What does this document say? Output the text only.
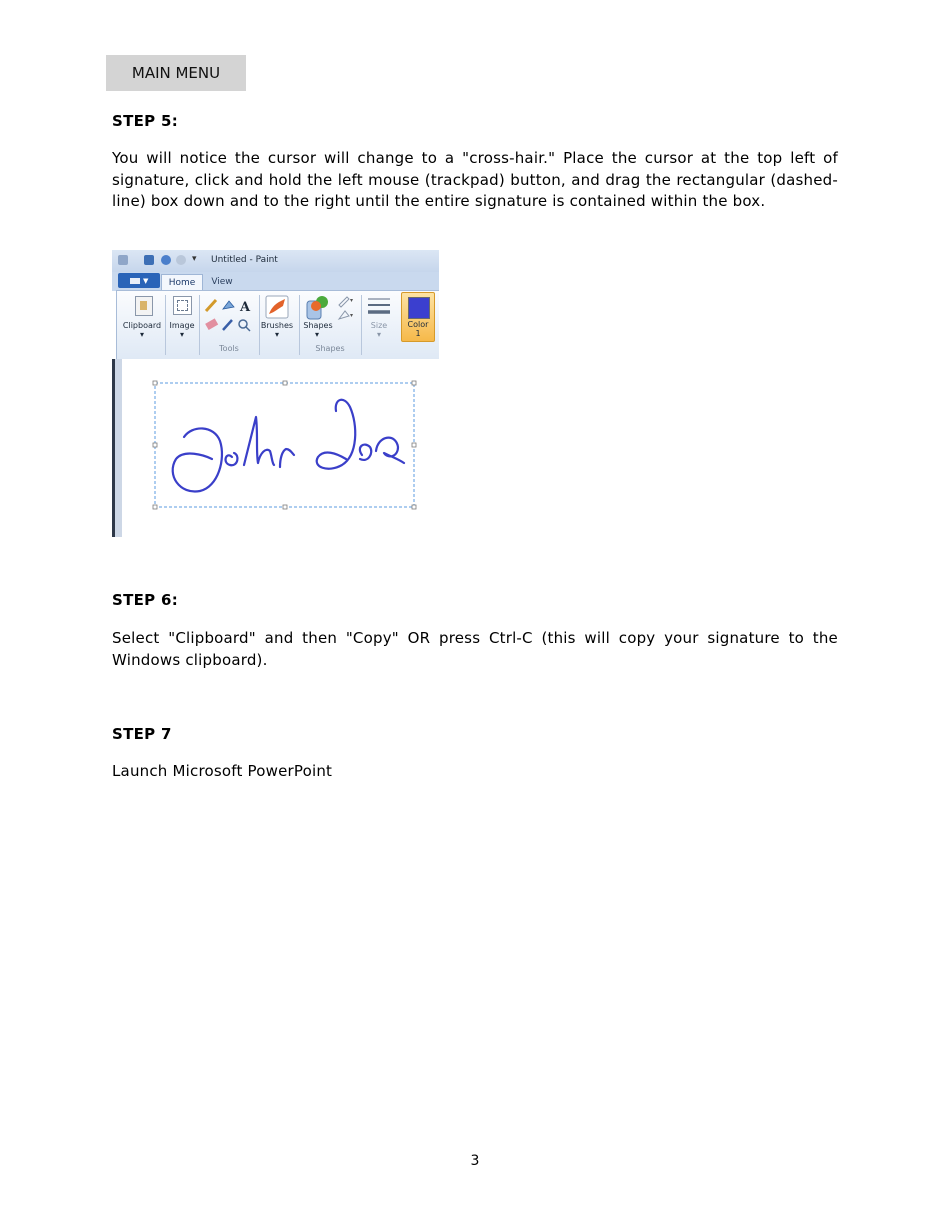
MAIN MENU
STEP 5:
You will notice the cursor will change to a "cross-hair." Place the cursor at the top left of signature, click and hold the left mouse (trackpad) button, and drag the rectangular (dashed-line) box down and to the right until the entire signature is contained within the box.
▾ Untitled - Paint
▼	Home	View
Clipboard
▾
Image
▾
A
Tools
Brushes
▾
▾
▾
Shapes
▾
Shapes
Size
▾
Color
1
STEP 6:
Select "Clipboard" and then "Copy" OR press Ctrl-C (this will copy your signature to the Windows clipboard).
STEP 7
Launch Microsoft PowerPoint
3
